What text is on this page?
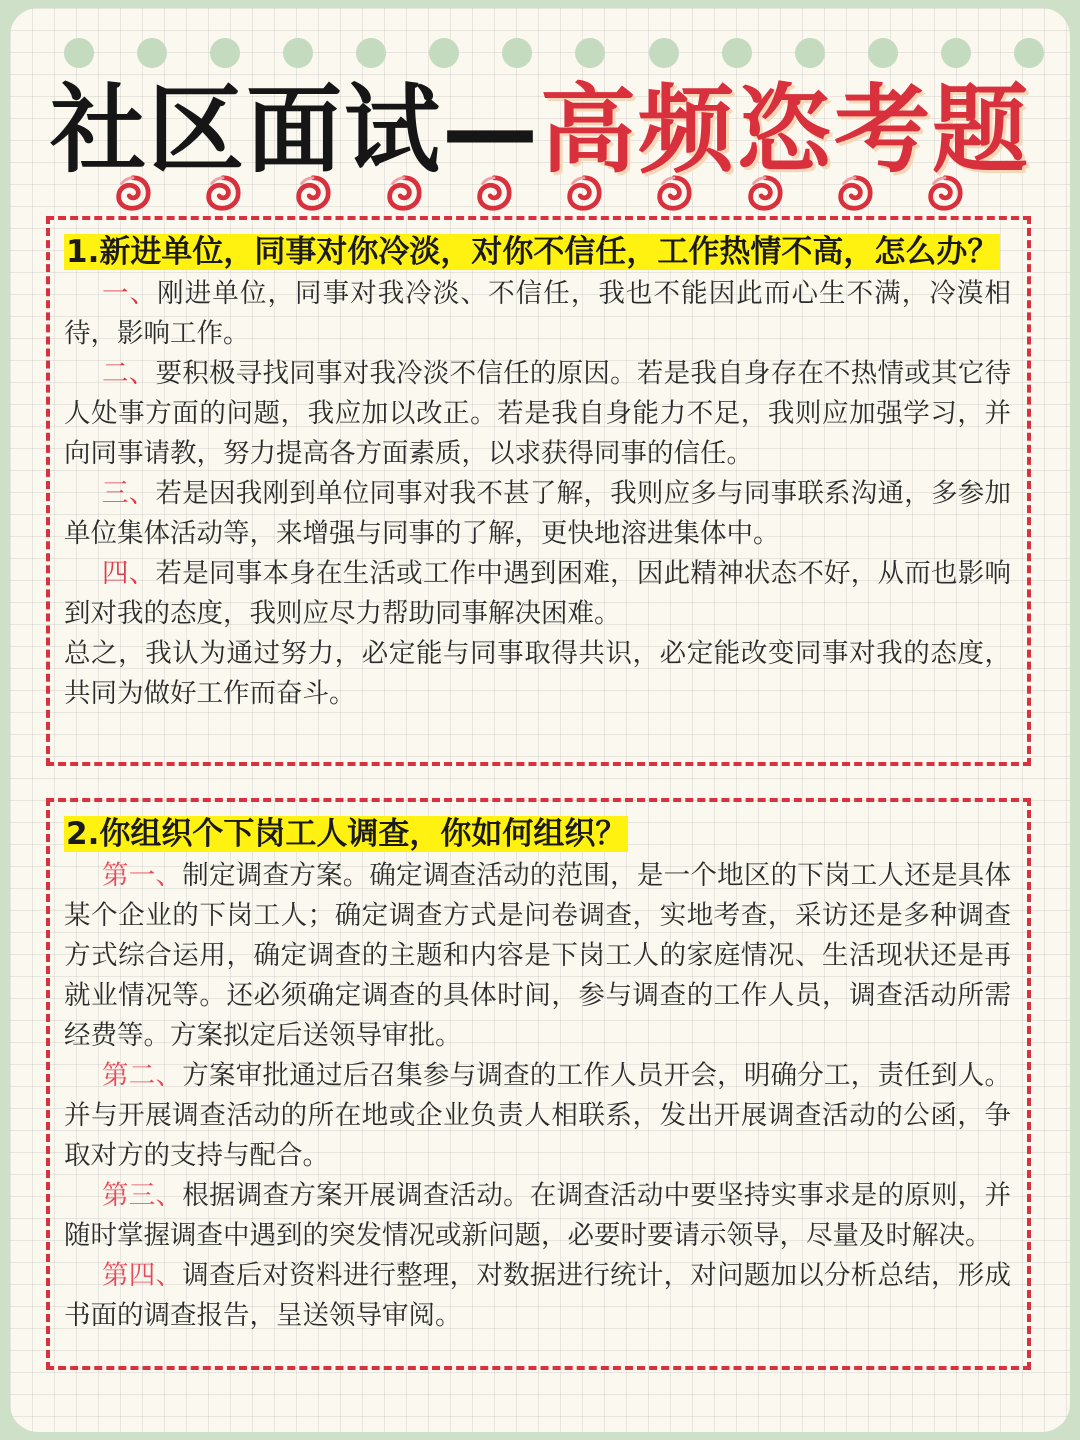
社区面试—高频恣考题
1.新进单位，同事对你冷淡，对你不信任，工作热情不高，怎么办？

一、刚进单位，同事对我冷淡、不信任，我也不能因此而心生不满，冷漠相待，影响工作。

二、要积极寻找同事对我冷淡不信任的原因。若是我自身存在不热情或其它待人处事方面的问题，我应加以改正。若是我自身能力不足，我则应加强学习，并向同事请教，努力提高各方面素质，以求获得同事的信任。

三、若是因我刚到单位同事对我不甚了解，我则应多与同事联系沟通，多参加单位集体活动等，来增强与同事的了解，更快地溶进集体中。

四、若是同事本身在生活或工作中遇到困难，因此精神状态不好，从而也影响到对我的态度，我则应尽力帮助同事解决困难。

总之，我认为通过努力，必定能与同事取得共识，必定能改变同事对我的态度，共同为做好工作而奋斗。

2.你组织个下岗工人调查，你如何组织？

第一、制定调查方案。确定调查活动的范围，是一个地区的下岗工人还是具体某个企业的下岗工人；确定调查方式是问卷调查，实地考查，采访还是多种调查方式综合运用，确定调查的主题和内容是下岗工人的家庭情况、生活现状还是再就业情况等。还必须确定调查的具体时间，参与调查的工作人员，调查活动所需经费等。方案拟定后送领导审批。

第二、方案审批通过后召集参与调查的工作人员开会，明确分工，责任到人。并与开展调查活动的所在地或企业负责人相联系，发出开展调查活动的公函，争取对方的支持与配合。

第三、根据调查方案开展调查活动。在调查活动中要坚持实事求是的原则，并随时掌握调查中遇到的突发情况或新问题，必要时要请示领导，尽量及时解决。

第四、调查后对资料进行整理，对数据进行统计，对问题加以分析总结，形成书面的调查报告，呈送领导审阅。
